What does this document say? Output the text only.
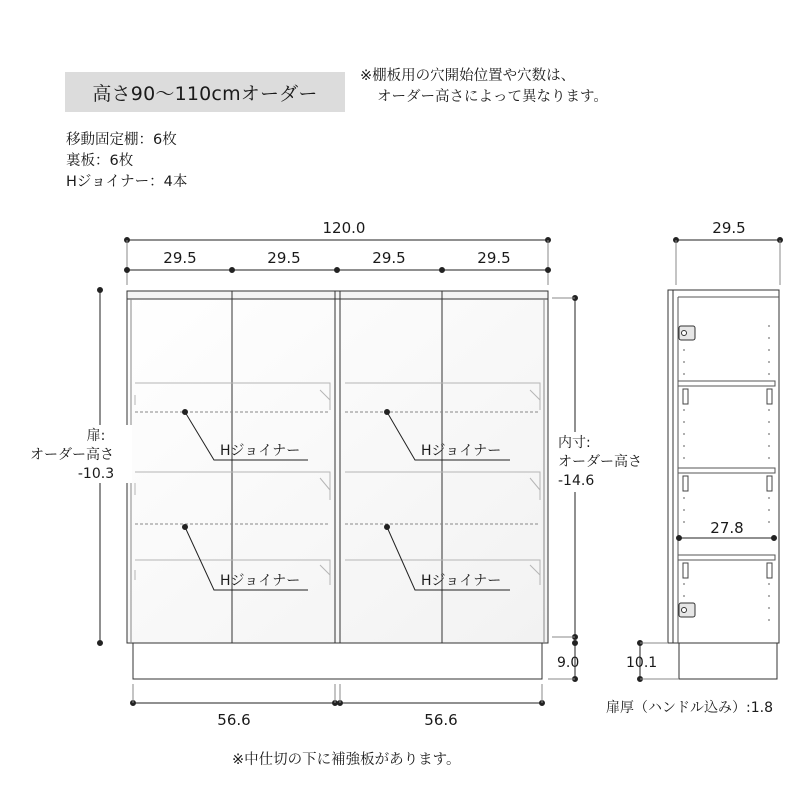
高さ90〜110cmオーダー
※棚板用の穴開始位置や穴数は、
オーダー高さによって異なります。
移動固定棚：6枚
裏板：6枚
Hジョイナー：4本
Hジョイナー	Hジョイナー
Hジョイナー	Hジョイナー
120.0
29.5	29.5	29.5	29.5
扉:
オーダー高さ
-10.3
内寸:
オーダー高さ
-14.6
9.0
56.6	56.6
29.5
27.8
10.1
扉厚（ハンドル込み）:1.8
※中仕切の下に補強板があります。
